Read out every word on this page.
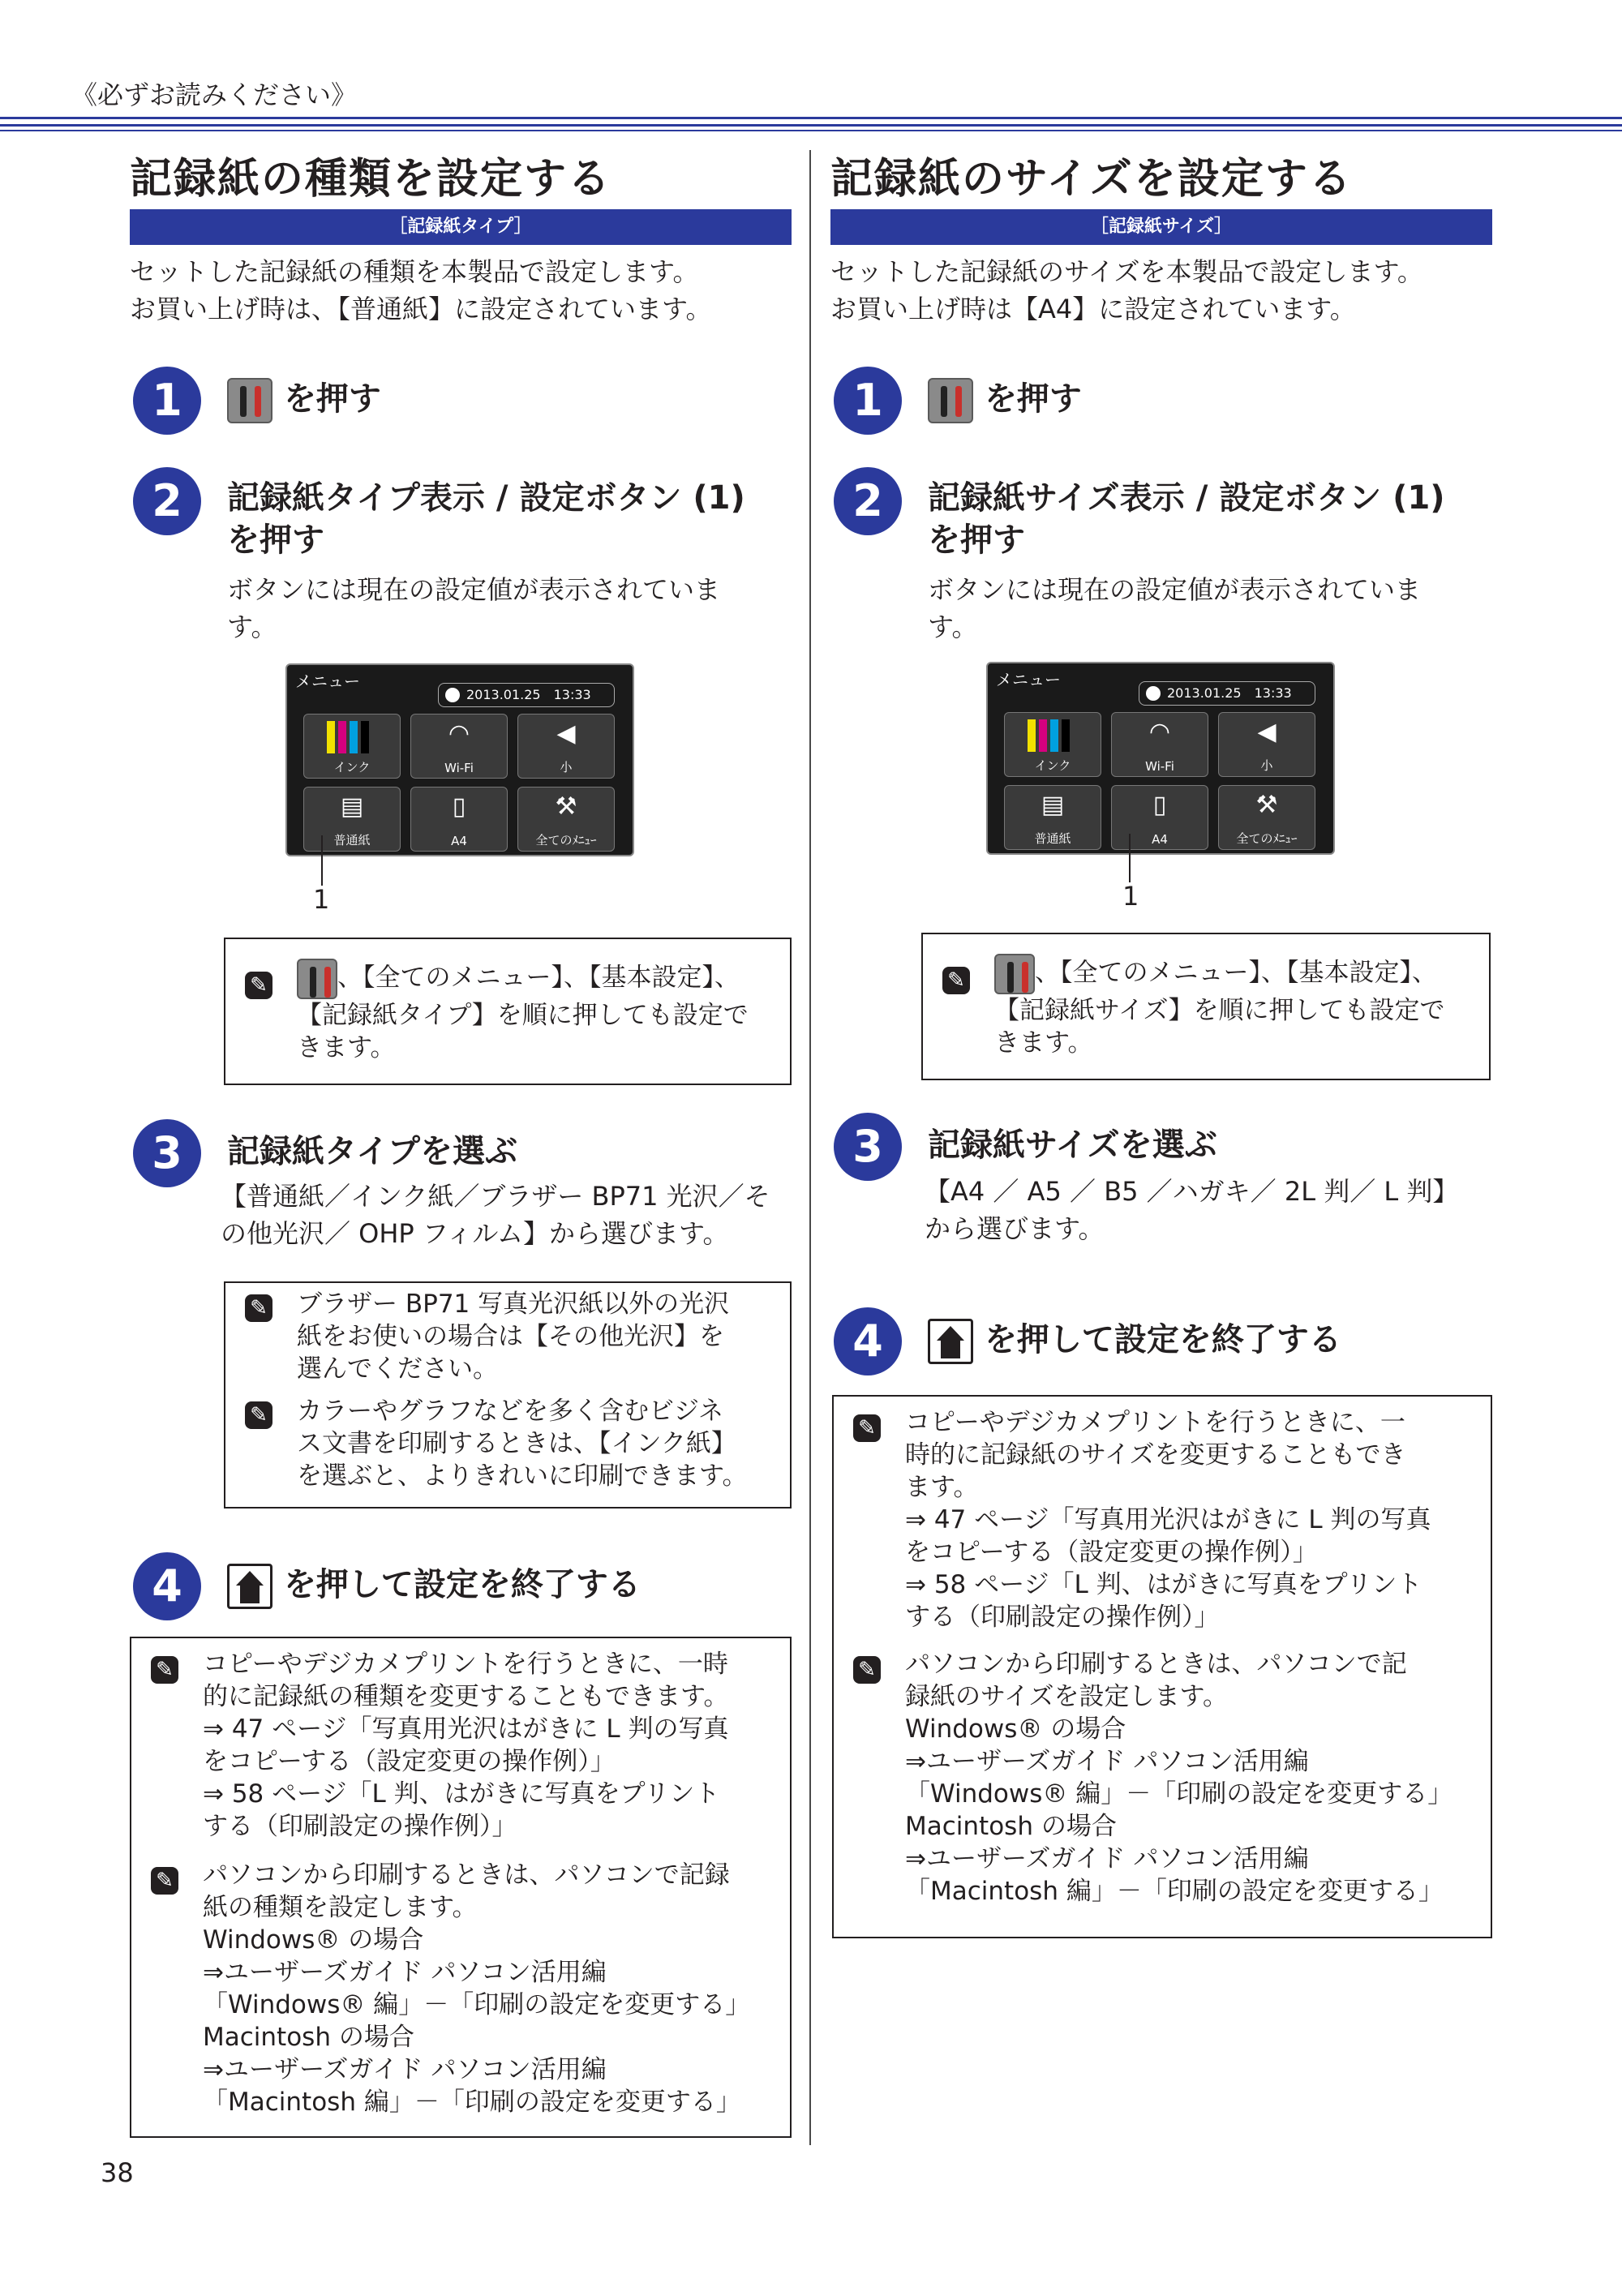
《必ずお読みください》
記録紙の種類を設定する
［記録紙タイプ］
セットした記録紙の種類を本製品で設定します。
お買い上げ時は、【普通紙】に設定されています。
1	を押す
2	記録紙タイプ表示 / 設定ボタン (1)
を押す
ボタンには現在の設定値が表示されていま
す。
メニュー
2013.01.25　13:33
インク
◠
Wi-Fi
◀
小
▤
普通紙
▯
A4
⚒
全てのﾒﾆｭｰ
1
✎	、【全てのメニュー】、【基本設定】、

【記録紙タイプ】を順に押しても設定で

きます。

3	記録紙タイプを選ぶ
【普通紙／インク紙／ブラザー BP71 光沢／そ
の他光沢／ OHP フィルム】から選びます。
✎ ブラザー BP71 写真光沢紙以外の光沢

紙をお使いの場合は【その他光沢】を

選んでください。

✎ カラーやグラフなどを多く含むビジネ

ス文書を印刷するときは、【インク紙】

を選ぶと、よりきれいに印刷できます。

4	を押して設定を終了する
✎ コピーやデジカメプリントを行うときに、一時

的に記録紙の種類を変更することもできます。

⇒ 47 ページ「写真用光沢はがきに L 判の写真

をコピーする（設定変更の操作例）」

⇒ 58 ページ「L 判、はがきに写真をプリント

する（印刷設定の操作例）」

✎ パソコンから印刷するときは、パソコンで記録

紙の種類を設定します。

Windows® の場合

⇒ユーザーズガイド パソコン活用編

「Windows® 編」－「印刷の設定を変更する」

Macintosh の場合

⇒ユーザーズガイド パソコン活用編

「Macintosh 編」－「印刷の設定を変更する」

記録紙のサイズを設定する
［記録紙サイズ］
セットした記録紙のサイズを本製品で設定します。
お買い上げ時は【A4】に設定されています。
1	を押す
2	記録紙サイズ表示 / 設定ボタン (1)
を押す
ボタンには現在の設定値が表示されていま
す。
メニュー
2013.01.25　13:33
インク
◠
Wi-Fi
◀
小
▤
普通紙
▯
A4
⚒
全てのﾒﾆｭｰ
1
✎	、【全てのメニュー】、【基本設定】、

【記録紙サイズ】を順に押しても設定で

きます。

3	記録紙サイズを選ぶ
【A4 ／ A5 ／ B5 ／ハガキ／ 2L 判／ L 判】
から選びます。
4	を押して設定を終了する
✎ コピーやデジカメプリントを行うときに、一

時的に記録紙のサイズを変更することもでき

ます。

⇒ 47 ページ「写真用光沢はがきに L 判の写真

をコピーする（設定変更の操作例）」

⇒ 58 ページ「L 判、はがきに写真をプリント

する（印刷設定の操作例）」

✎ パソコンから印刷するときは、パソコンで記

録紙のサイズを設定します。

Windows® の場合

⇒ユーザーズガイド パソコン活用編

「Windows® 編」－「印刷の設定を変更する」

Macintosh の場合

⇒ユーザーズガイド パソコン活用編

「Macintosh 編」－「印刷の設定を変更する」

38
